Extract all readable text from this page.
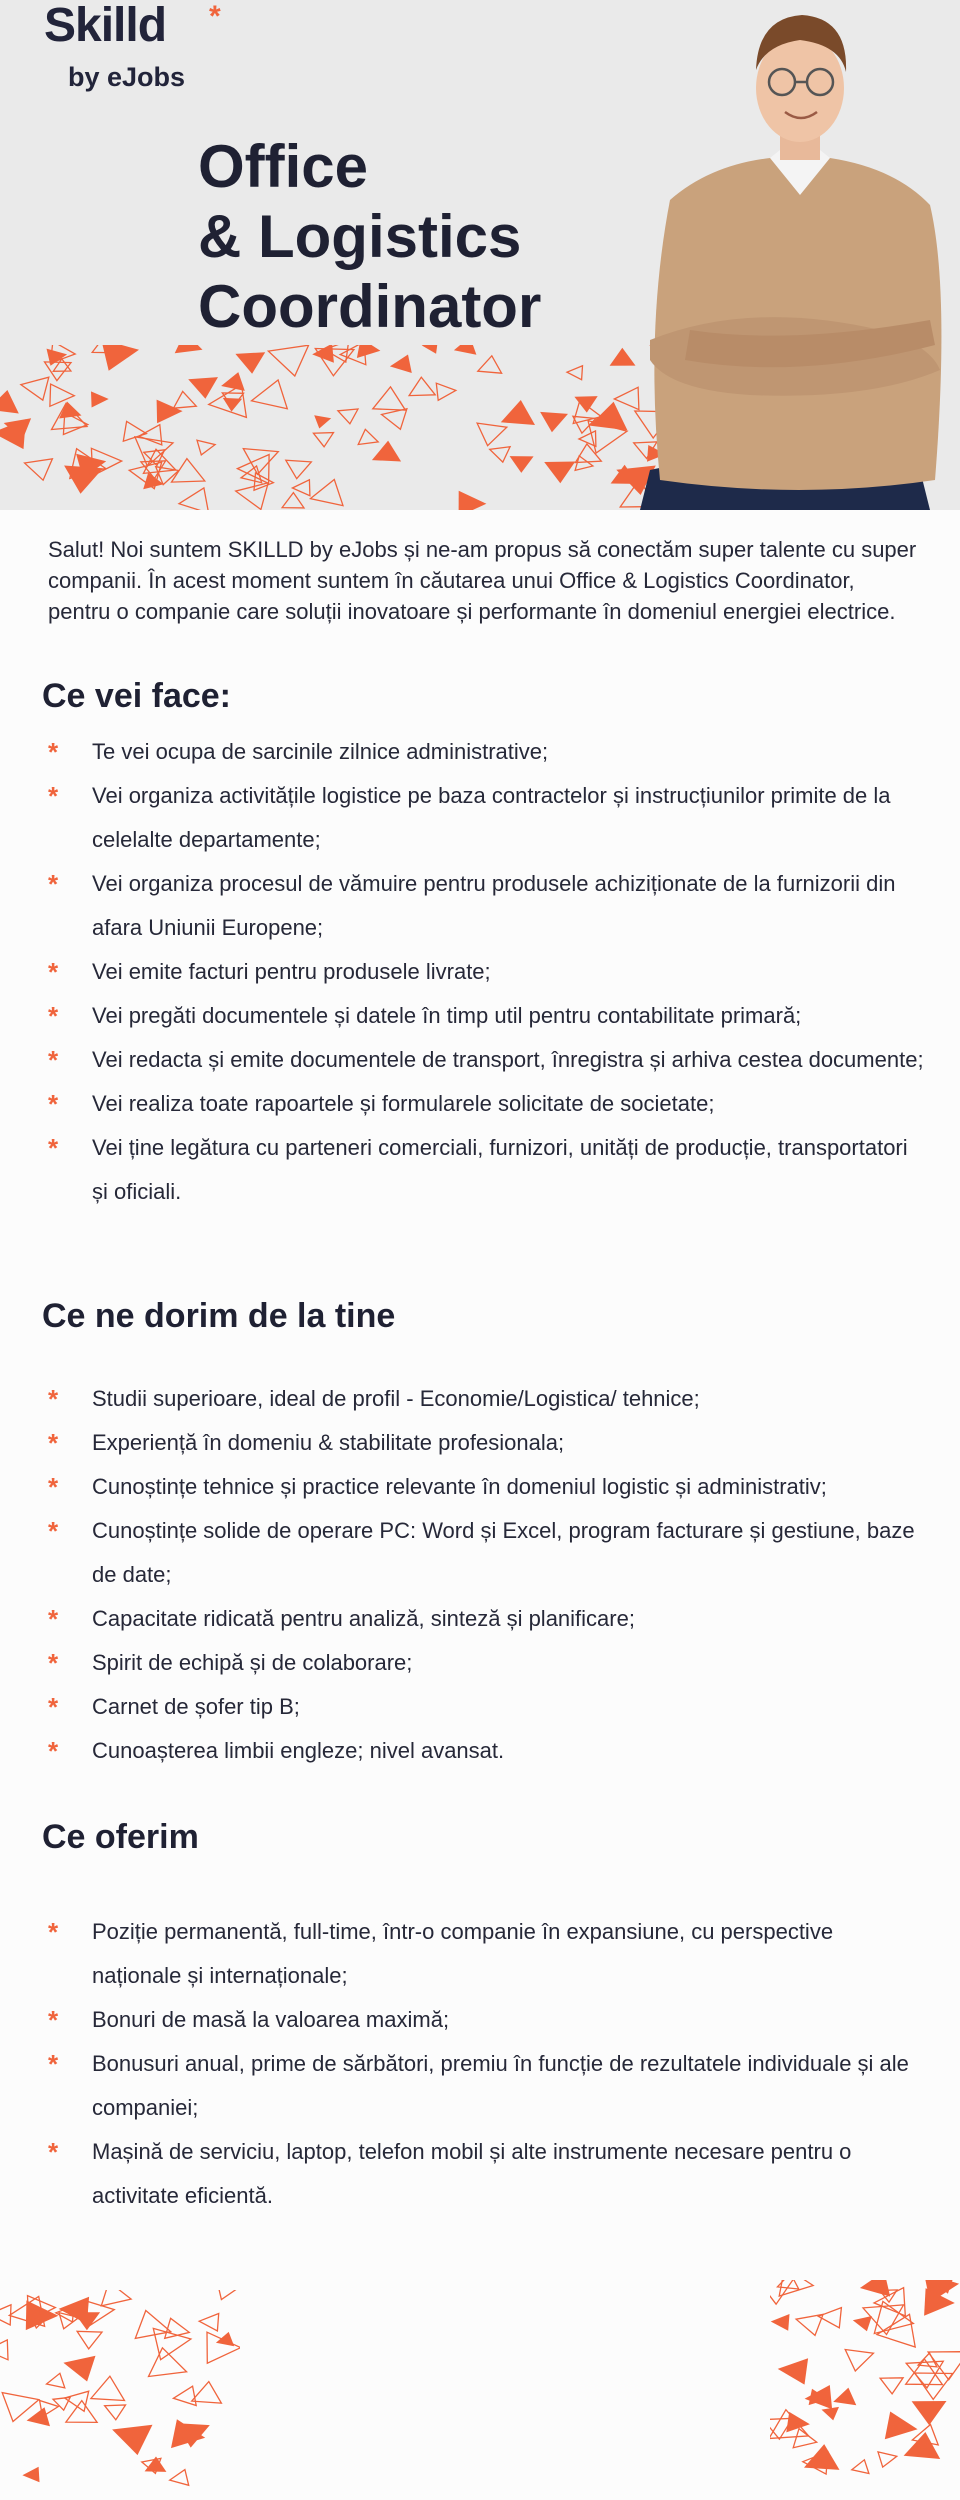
Skilld	*
by eJobs
Office
& Logistics
Coordinator

Salut! Noi suntem SKILLD by eJobs și ne-am propus să conectăm super talente cu super companii. În acest moment suntem în căutarea unui Office & Logistics Coordinator, pentru o companie care soluții inovatoare și performante în domeniul energiei electrice.

Ce vei face:
* Te vei ocupa de sarcinile zilnice administrative;
* Vei organiza activitățile logistice pe baza contractelor și instrucțiunilor primite de la celelalte departamente;
* Vei organiza procesul de vămuire pentru produsele achiziționate de la furnizorii din afara Uniunii Europene;
* Vei emite facturi pentru produsele livrate;
* Vei pregăti documentele și datele în timp util pentru contabilitate primară;
* Vei redacta și emite documentele de transport, înregistra și arhiva cestea documente;
* Vei realiza toate rapoartele și formularele solicitate de societate;
* Vei ține legătura cu parteneri comerciali, furnizori, unități de producție, transportatori și oficiali.
Ce ne dorim de la tine
* Studii superioare, ideal de profil - Economie/Logistica/ tehnice;
* Experiență în domeniu & stabilitate profesionala;
* Cunoștințe tehnice și practice relevante în domeniul logistic și administrativ;
* Cunoștințe solide de operare PC: Word și Excel, program facturare și gestiune, baze de date;
* Capacitate ridicată pentru analiză, sinteză și planificare;
* Spirit de echipă și de colaborare;
* Carnet de șofer tip B;
* Cunoașterea limbii engleze; nivel avansat.
Ce oferim
* Poziție permanentă, full-time, într-o companie în expansiune, cu perspective naționale și internaționale;
* Bonuri de masă la valoarea maximă;
* Bonusuri anual, prime de sărbători, premiu în funcție de rezultatele individuale și ale companiei;
* Mașină de serviciu, laptop, telefon mobil și alte instrumente necesare pentru o activitate eficientă.
